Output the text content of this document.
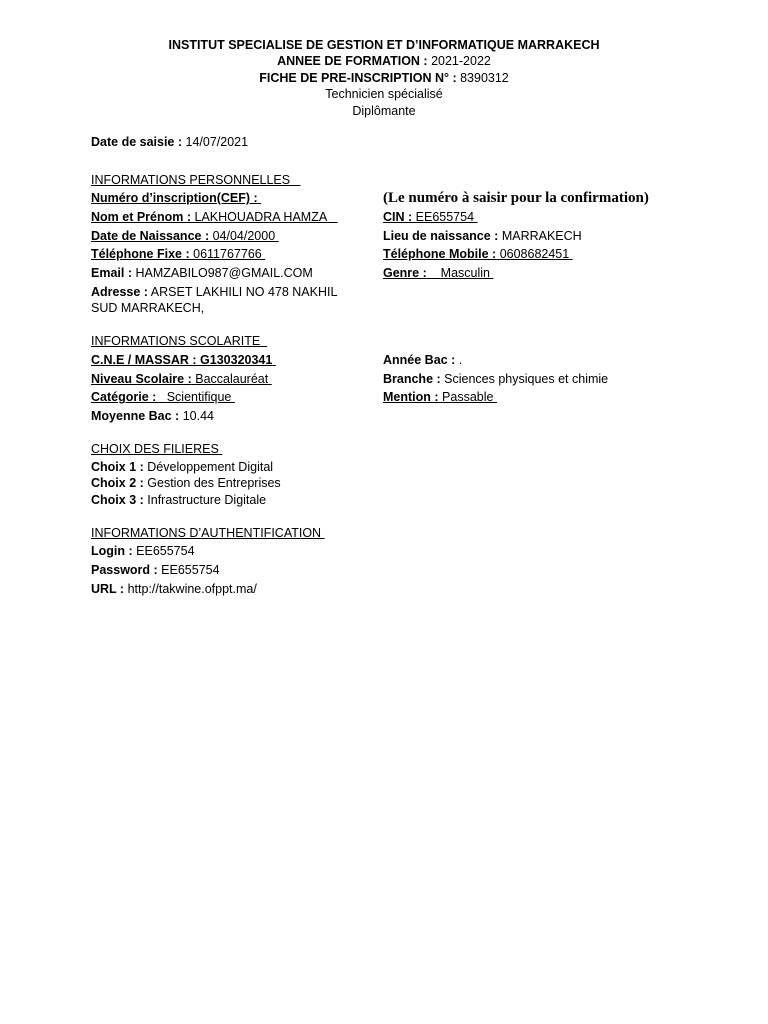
INSTITUT SPECIALISE DE GESTION ET D’INFORMATIQUE MARRAKECH
ANNEE DE FORMATION : 2021-2022
FICHE DE PRE-INSCRIPTION N° : 8390312
Technicien spécialisé
Diplômante
Date de saisie : 14/07/2021
INFORMATIONS PERSONNELLES
Numéro d’inscription(CEF) :	(Le numéro à saisir pour la confirmation)
Nom et Prénom : LAKHOUADRA HAMZA	CIN : EE655754
Date de Naissance : 04/04/2000	Lieu de naissance : MARRAKECH
Téléphone Fixe : 0611767766	Téléphone Mobile : 0608682451
Email : HAMZABILO987@GMAIL.COM	Genre : Masculin
Adresse : ARSET LAKHILI NO 478 NAKHIL SUD MARRAKECH,
INFORMATIONS SCOLARITE
C.N.E / MASSAR : G130320341	Année Bac : .
Niveau Scolaire : Baccalauréat	Branche : Sciences physiques et chimie
Catégorie : Scientifique	Mention : Passable
Moyenne Bac : 10.44
CHOIX DES FILIERES
Choix 1 : Développement Digital
Choix 2 : Gestion des Entreprises
Choix 3 : Infrastructure Digitale
INFORMATIONS D’AUTHENTIFICATION
Login : EE655754
Password : EE655754
URL : http://takwine.ofppt.ma/
